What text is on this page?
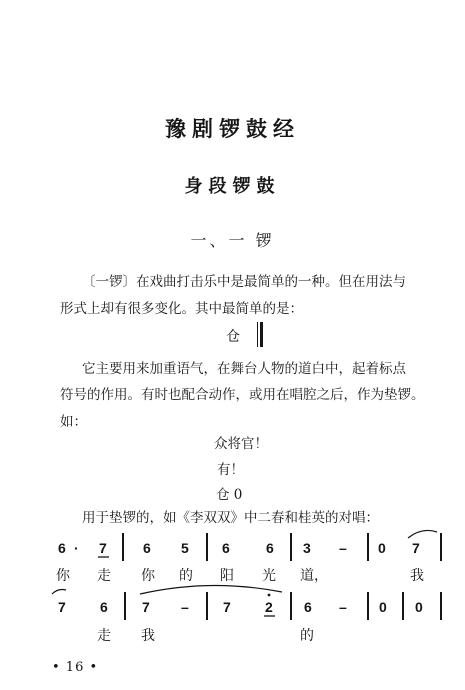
豫剧锣鼓经
身段锣鼓
一、一 锣
〔一锣〕在戏曲打击乐中是最简单的一种。但在用法与
形式上却有很多变化。其中最简单的是：
仓
它主要用来加重语气，在舞台人物的道白中，起着标点
符号的作用。有时也配合动作，或用在唱腔之后，作为垫锣。
如：
众将官！
有！
仓 0
用于垫锣的，如《李双双》中二春和桂英的对唱：
6 · 7	6 5 6	6 3 – 0 7
你 走 你 的 阳 光 道，	我
7 6 7 – 7 2 6 – 0 0
走 我	的
• 16 •
